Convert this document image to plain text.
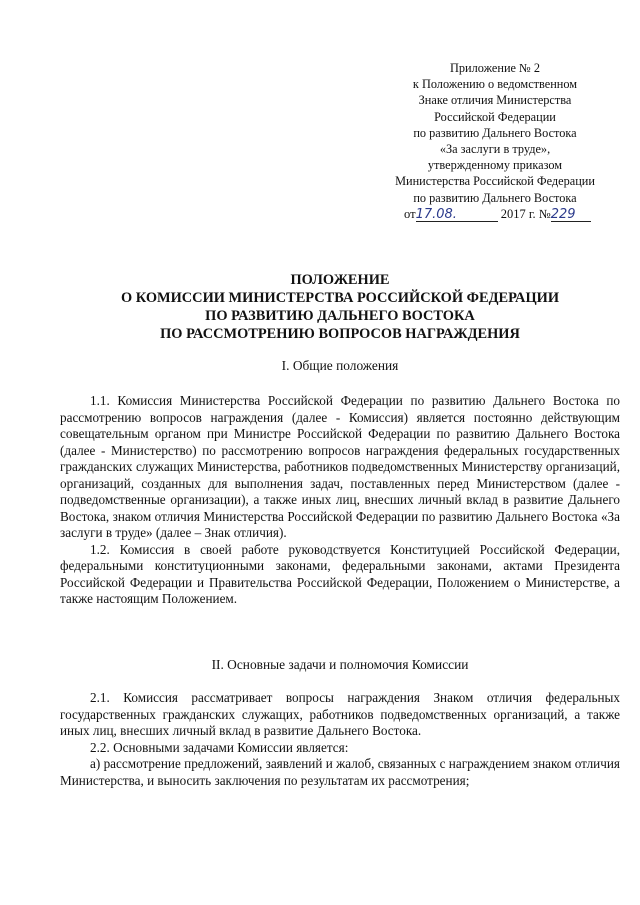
Приложение № 2
к Положению о ведомственном
Знаке отличия Министерства
Российской Федерации
по развитию Дальнего Востока
«За заслуги в труде»,
утвержденному приказом
Министерства Российской Федерации
по развитию Дальнего Востока
от17.08.	2017 г. №229
ПОЛОЖЕНИЕ
О КОМИССИИ МИНИСТЕРСТВА РОССИЙСКОЙ ФЕДЕРАЦИИ
ПО РАЗВИТИЮ ДАЛЬНЕГО ВОСТОКА
ПО РАССМОТРЕНИЮ ВОПРОСОВ НАГРАЖДЕНИЯ
I. Общие положения

1.1. Комиссия Министерства Российской Федерации по развитию Дальнего Востока по рассмотрению вопросов награждения (далее - Комиссия) является постоянно действующим совещательным органом при Министре Российской Федерации по развитию Дальнего Востока (далее - Министерство) по рассмотрению вопросов награждения федеральных государственных гражданских служащих Министерства, работников подведомственных Министерству организаций, организаций, созданных для выполнения задач, поставленных перед Министерством (далее - подведомственные организации), а также иных лиц, внесших личный вклад в развитие Дальнего Востока, знаком отличия Министерства Российской Федерации по развитию Дальнего Востока «За заслуги в труде» (далее – Знак отличия).

1.2. Комиссия в своей работе руководствуется Конституцией Российской Федерации, федеральными конституционными законами, федеральными законами, актами Президента Российской Федерации и Правительства Российской Федерации, Положением о Министерстве, а также настоящим Положением.

II. Основные задачи и полномочия Комиссии

2.1. Комиссия рассматривает вопросы награждения Знаком отличия федеральных государственных гражданских служащих, работников подведомственных организаций, а также иных лиц, внесших личный вклад в развитие Дальнего Востока.

2.2. Основными задачами Комиссии является:

а) рассмотрение предложений, заявлений и жалоб, связанных с награждением знаком отличия Министерства, и выносить заключения по результатам их рассмотрения;
